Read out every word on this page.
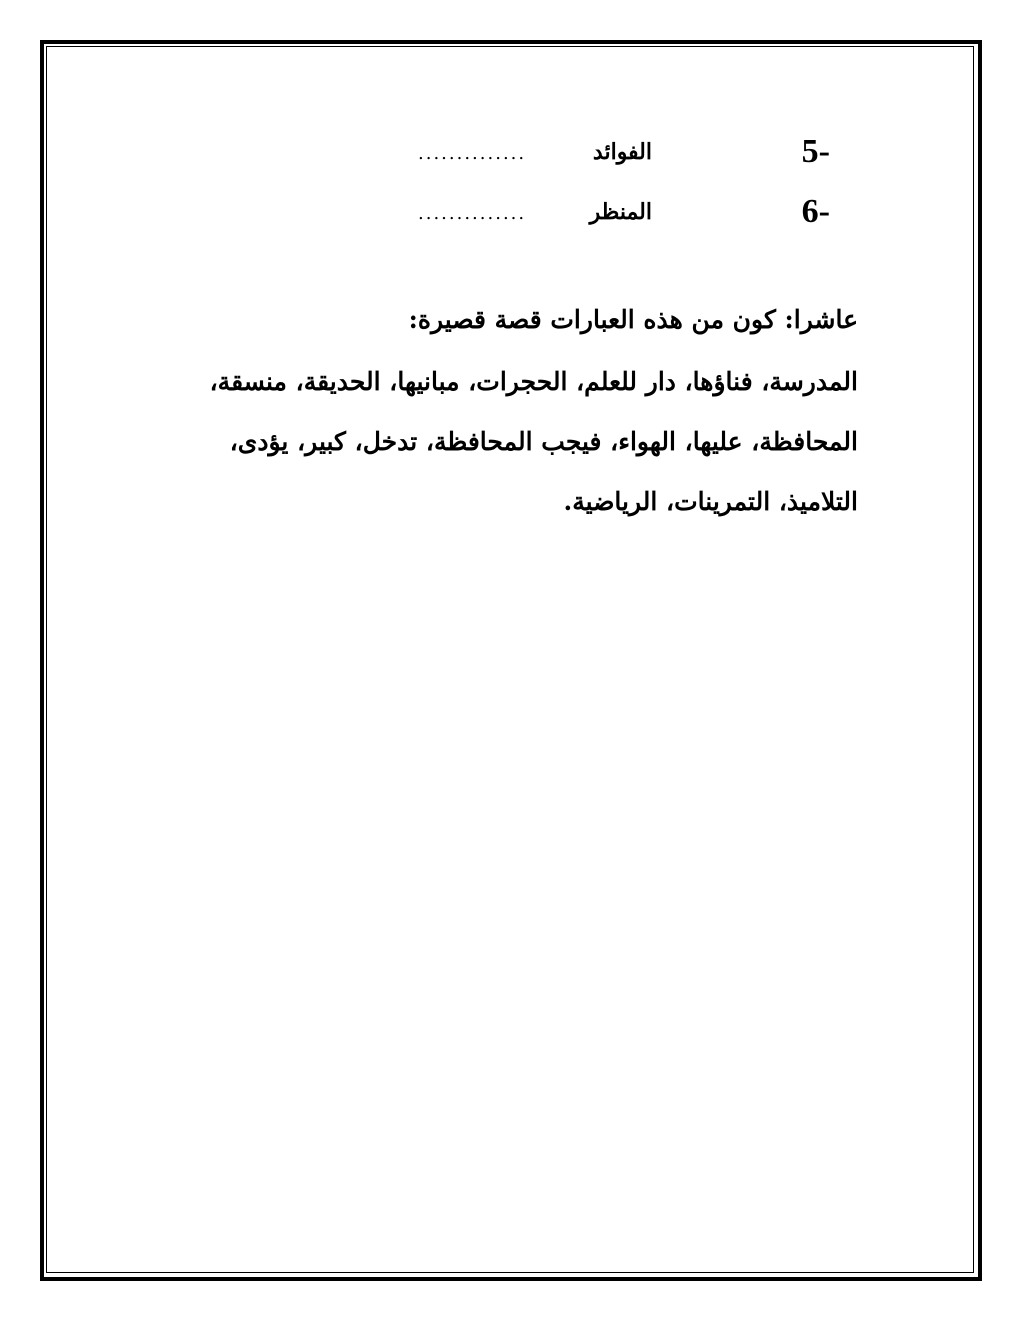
5-
الفوائد
..............
6-
المنظر
..............
عاشرا: كون من هذه العبارات قصة قصيرة:
المدرسة، فناؤها، دار للعلم، الحجرات، مبانيها، الحديقة، منسقة،
المحافظة، عليها، الهواء، فيجب المحافظة، تدخل، كبير، يؤدى،
التلاميذ، التمرينات، الرياضية.
